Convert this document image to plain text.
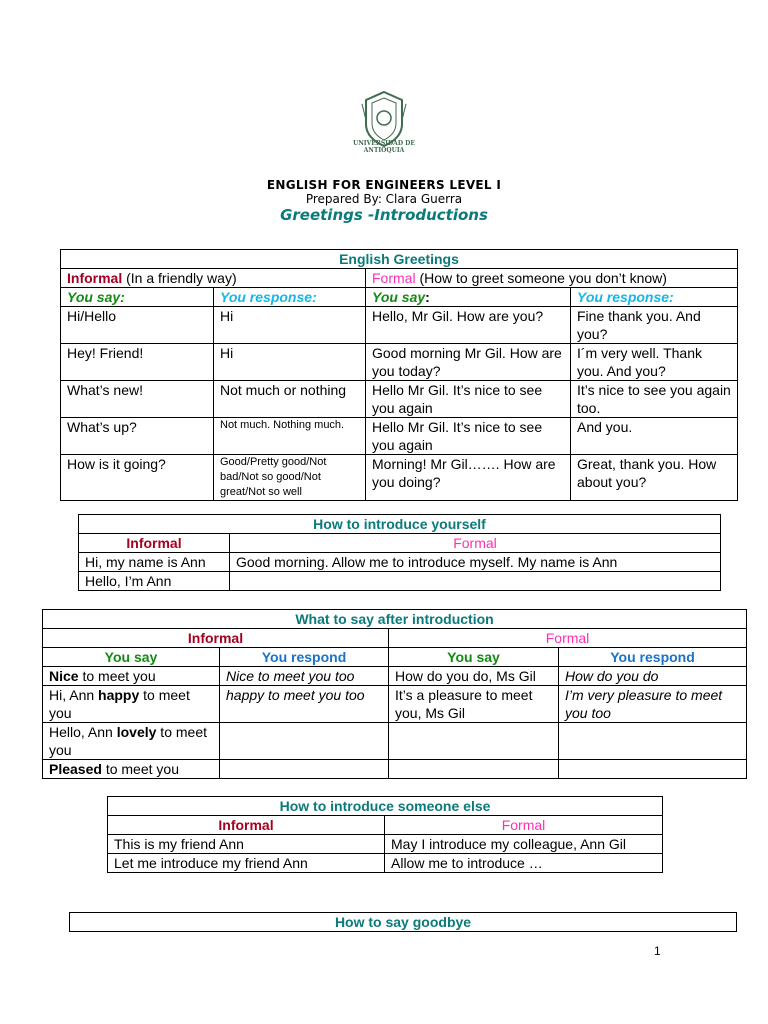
UNIVERSIDAD DE ANTIOQUIA
ENGLISH FOR ENGINEERS LEVEL I
Prepared By: Clara Guerra
Greetings -Introductions
English Greetings			
Informal (In a friendly way)		Formal (How to greet someone you don’t know)	
You say:	You response:	You say:	You response:
Hi/Hello	Hi	Hello, Mr Gil. How are you?	Fine thank you. And you?
Hey! Friend!	Hi	Good morning Mr Gil. How are you today?	I´m very well. Thank you. And you?
What’s new!	Not much or nothing	Hello Mr Gil. It’s nice to see you again	It’s nice to see you again too.
What’s up?	Not much. Nothing much.	Hello Mr Gil. It’s nice to see you again	And you.
How is it going?	Good/Pretty good/Not bad/Not so good/Not great/Not so well	Morning! Mr Gil……. How are you doing?	Great, thank you. How about you?
How to introduce yourself	
Informal	Formal
Hi, my name is Ann	Good morning. Allow me to introduce myself. My name is Ann
Hello, I’m Ann	
What to say after introduction			
Informal		Formal	
You say	You respond	You say	You respond
Nice to meet you	Nice to meet you too	How do you do, Ms Gil	How do you do
Hi, Ann happy to meet you	happy to meet you too	It’s a pleasure to meet you, Ms Gil	I’m very pleasure to meet you too
Hello, Ann lovely to meet you			
Pleased to meet you			
How to introduce someone else	
Informal	Formal
This is my friend Ann	May I introduce my colleague, Ann Gil
Let me introduce my friend Ann	Allow me to introduce …
How to say goodbye
1
